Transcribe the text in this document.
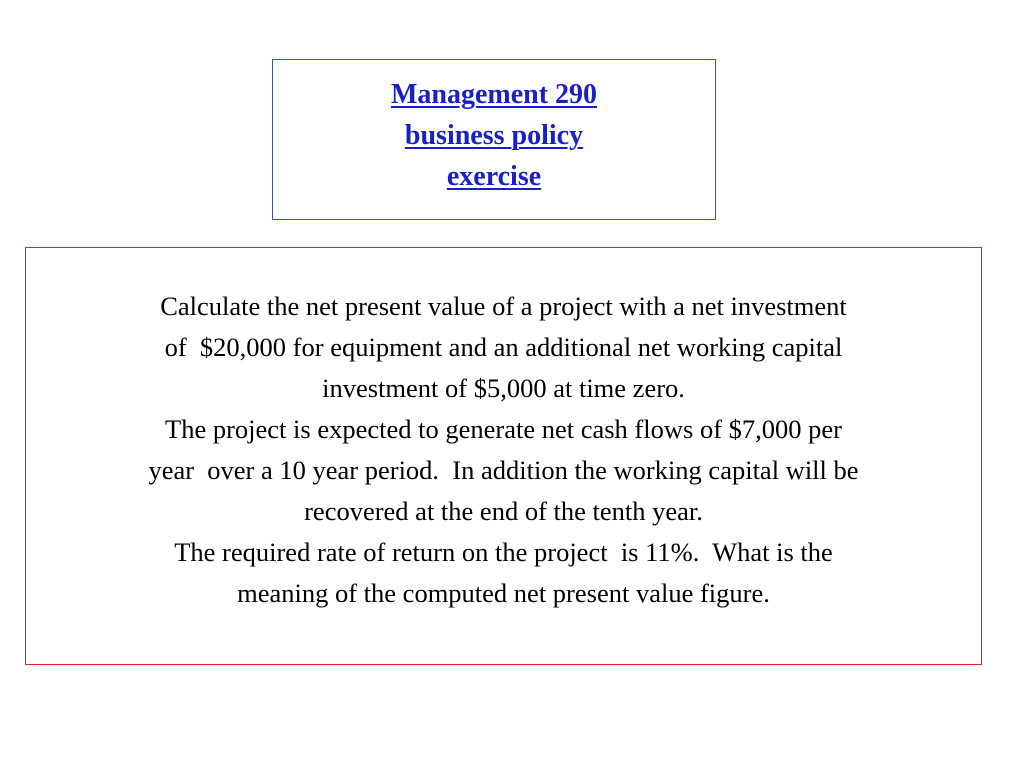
Management 290
business policy
exercise
Calculate the net present value of a project with a net investment
of  $20,000 for equipment and an additional net working capital
investment of $5,000 at time zero.
The project is expected to generate net cash flows of $7,000 per
year  over a 10 year period.  In addition the working capital will be
recovered at the end of the tenth year.
The required rate of return on the project  is 11%.  What is the
meaning of the computed net present value figure.
